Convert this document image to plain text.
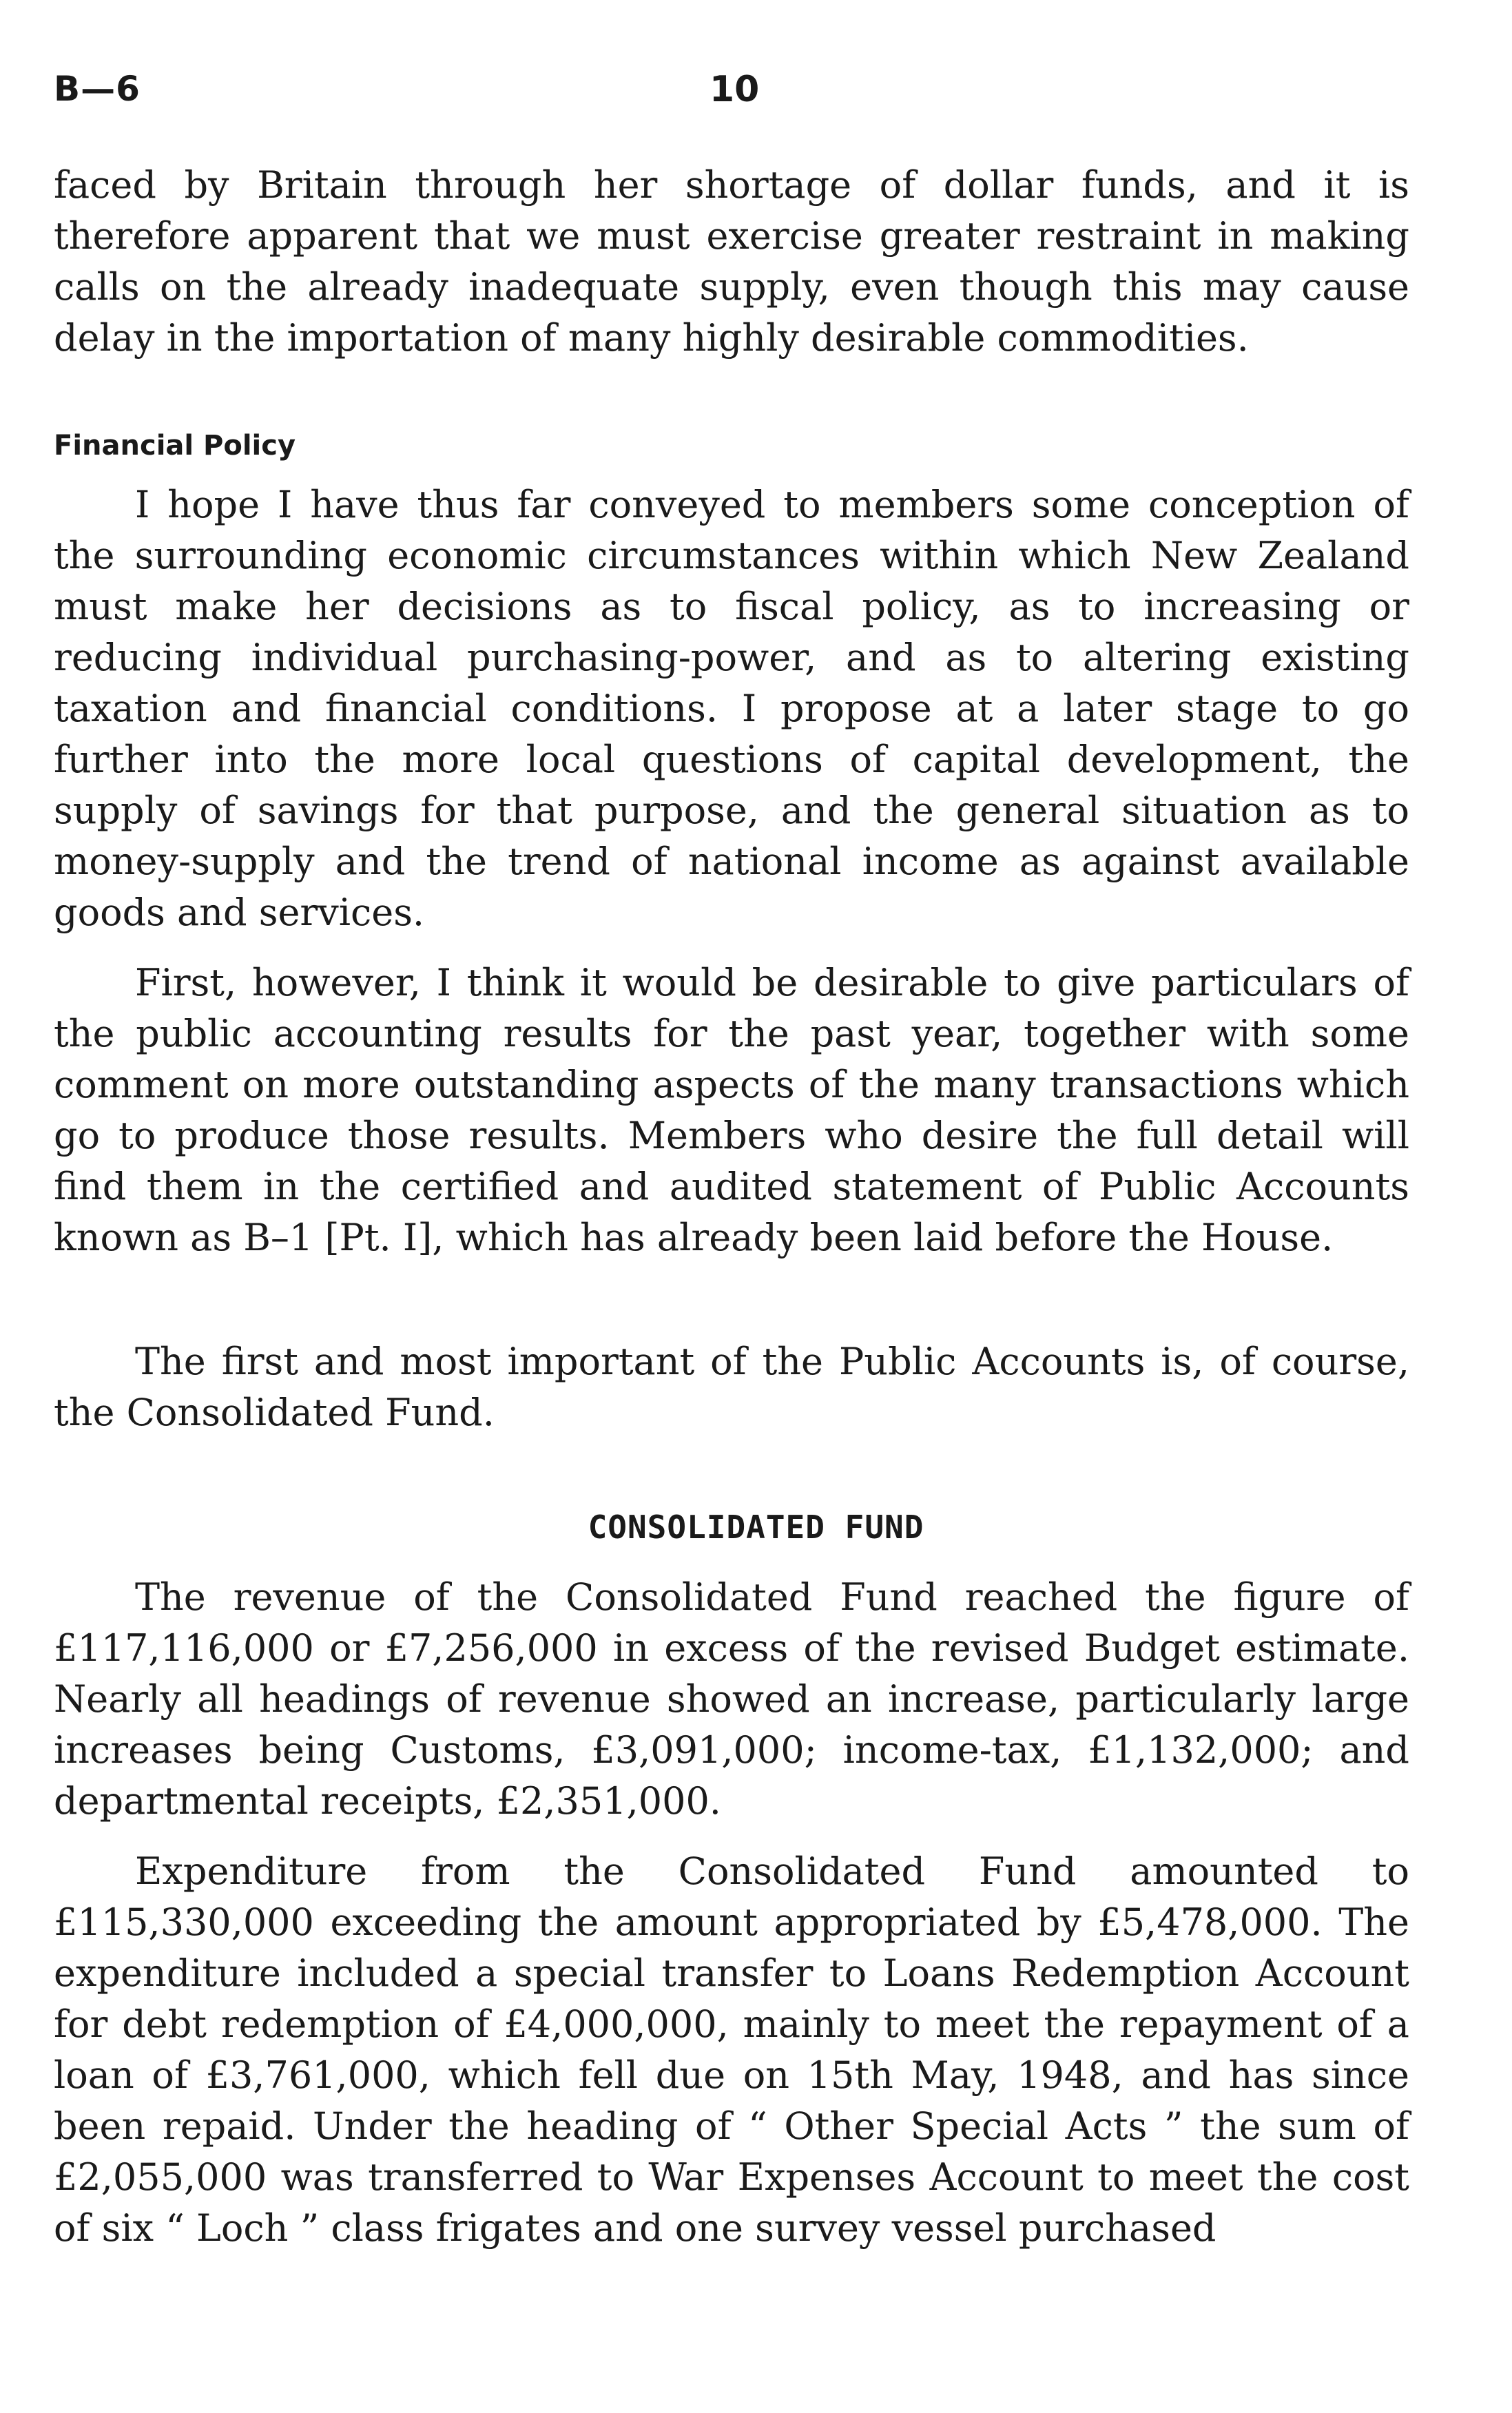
B—6	10

faced by Britain through her shortage of dollar funds, and it is therefore apparent that we must exercise greater restraint in making calls on the already inadequate supply, even though this may cause delay in the importation of many highly desirable commodities.

Financial Policy

I hope I have thus far conveyed to members some conception of the surrounding economic circumstances within which New Zealand must make her decisions as to fiscal policy, as to increasing or reducing individual purchasing-power, and as to altering existing taxation and financial conditions. I propose at a later stage to go further into the more local questions of capital development, the supply of savings for that purpose, and the general situation as to money-supply and the trend of national income as against available goods and services.

First, however, I think it would be desirable to give particulars of the public accounting results for the past year, together with some comment on more outstanding aspects of the many transactions which go to produce those results. Members who desire the full detail will find them in the certified and audited statement of Public Accounts known as B–1 [Pt. I], which has already been laid before the House.

The first and most important of the Public Accounts is, of course, the Consolidated Fund.

CONSOLIDATED FUND

The revenue of the Consolidated Fund reached the figure of £117,116,000 or £7,256,000 in excess of the revised Budget estimate. Nearly all headings of revenue showed an increase, particularly large increases being Customs, £3,091,000; income-tax, £1,132,000; and departmental receipts, £2,351,000.

Expenditure from the Consolidated Fund amounted to £115,330,000 exceeding the amount appropriated by £5,478,000. The expenditure included a special transfer to Loans Redemption Account for debt redemption of £4,000,000, mainly to meet the repayment of a loan of £3,761,000, which fell due on 15th May, 1948, and has since been repaid. Under the heading of “ Other Special Acts ” the sum of £2,055,000 was transferred to War Expenses Account to meet the cost of six “ Loch ” class frigates and one survey vessel purchased
